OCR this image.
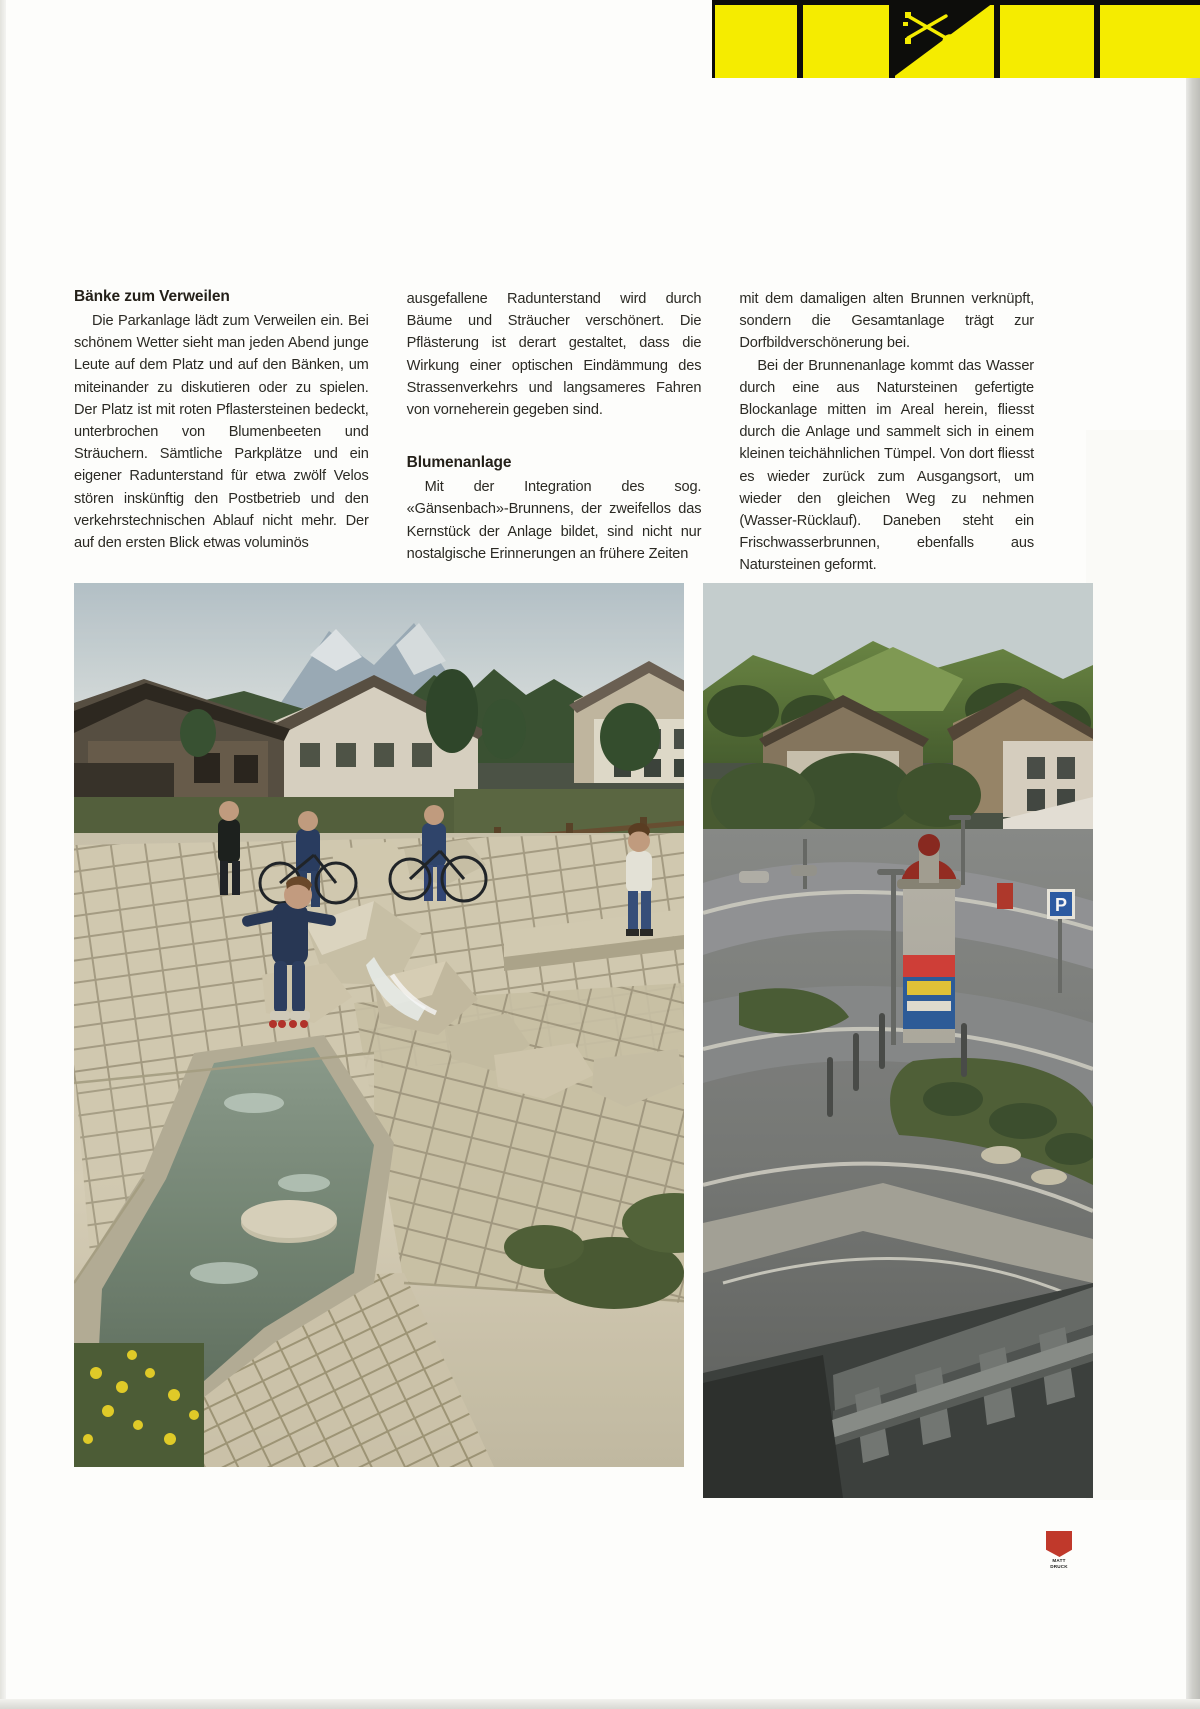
Bänke zum Verweilen

Die Parkanlage lädt zum Verweilen ein. Bei schönem Wetter sieht man jeden Abend junge Leute auf dem Platz und auf den Bänken, um miteinander zu diskutieren oder zu spielen. Der Platz ist mit roten Pflastersteinen bedeckt, unterbrochen von Blumenbeeten und Sträuchern. Sämtliche Parkplätze und ein eigener Radunterstand für etwa zwölf Velos stören inskünftig den Postbetrieb und den verkehrstechnischen Ablauf nicht mehr. Der auf den ersten Blick etwas voluminös

ausgefallene Radunterstand wird durch Bäume und Sträucher verschönert. Die Pflästerung ist derart gestaltet, dass die Wirkung einer optischen Eindämmung des Strassenverkehrs und langsameres Fahren von vorneherein gegeben sind.

Blumenanlage

Mit der Integration des sog. «Gänsenbach»-Brunnens, der zweifellos das Kernstück der Anlage bildet, sind nicht nur nostalgische Erinnerungen an frühere Zeiten

mit dem damaligen alten Brunnen verknüpft, sondern die Gesamtanlage trägt zur Dorfbildverschönerung bei.

Bei der Brunnenanlage kommt das Wasser durch eine aus Natursteinen gefertigte Blockanlage mitten im Areal herein, fliesst durch die Anlage und sammelt sich in einem kleinen teichähnlichen Tümpel. Von dort fliesst es wieder zurück zum Ausgangsort, um wieder den gleichen Weg zu nehmen (Wasser-Rücklauf). Daneben steht ein Frischwasserbrunnen, ebenfalls aus Natursteinen geformt.

P
MATT
DRUCK
